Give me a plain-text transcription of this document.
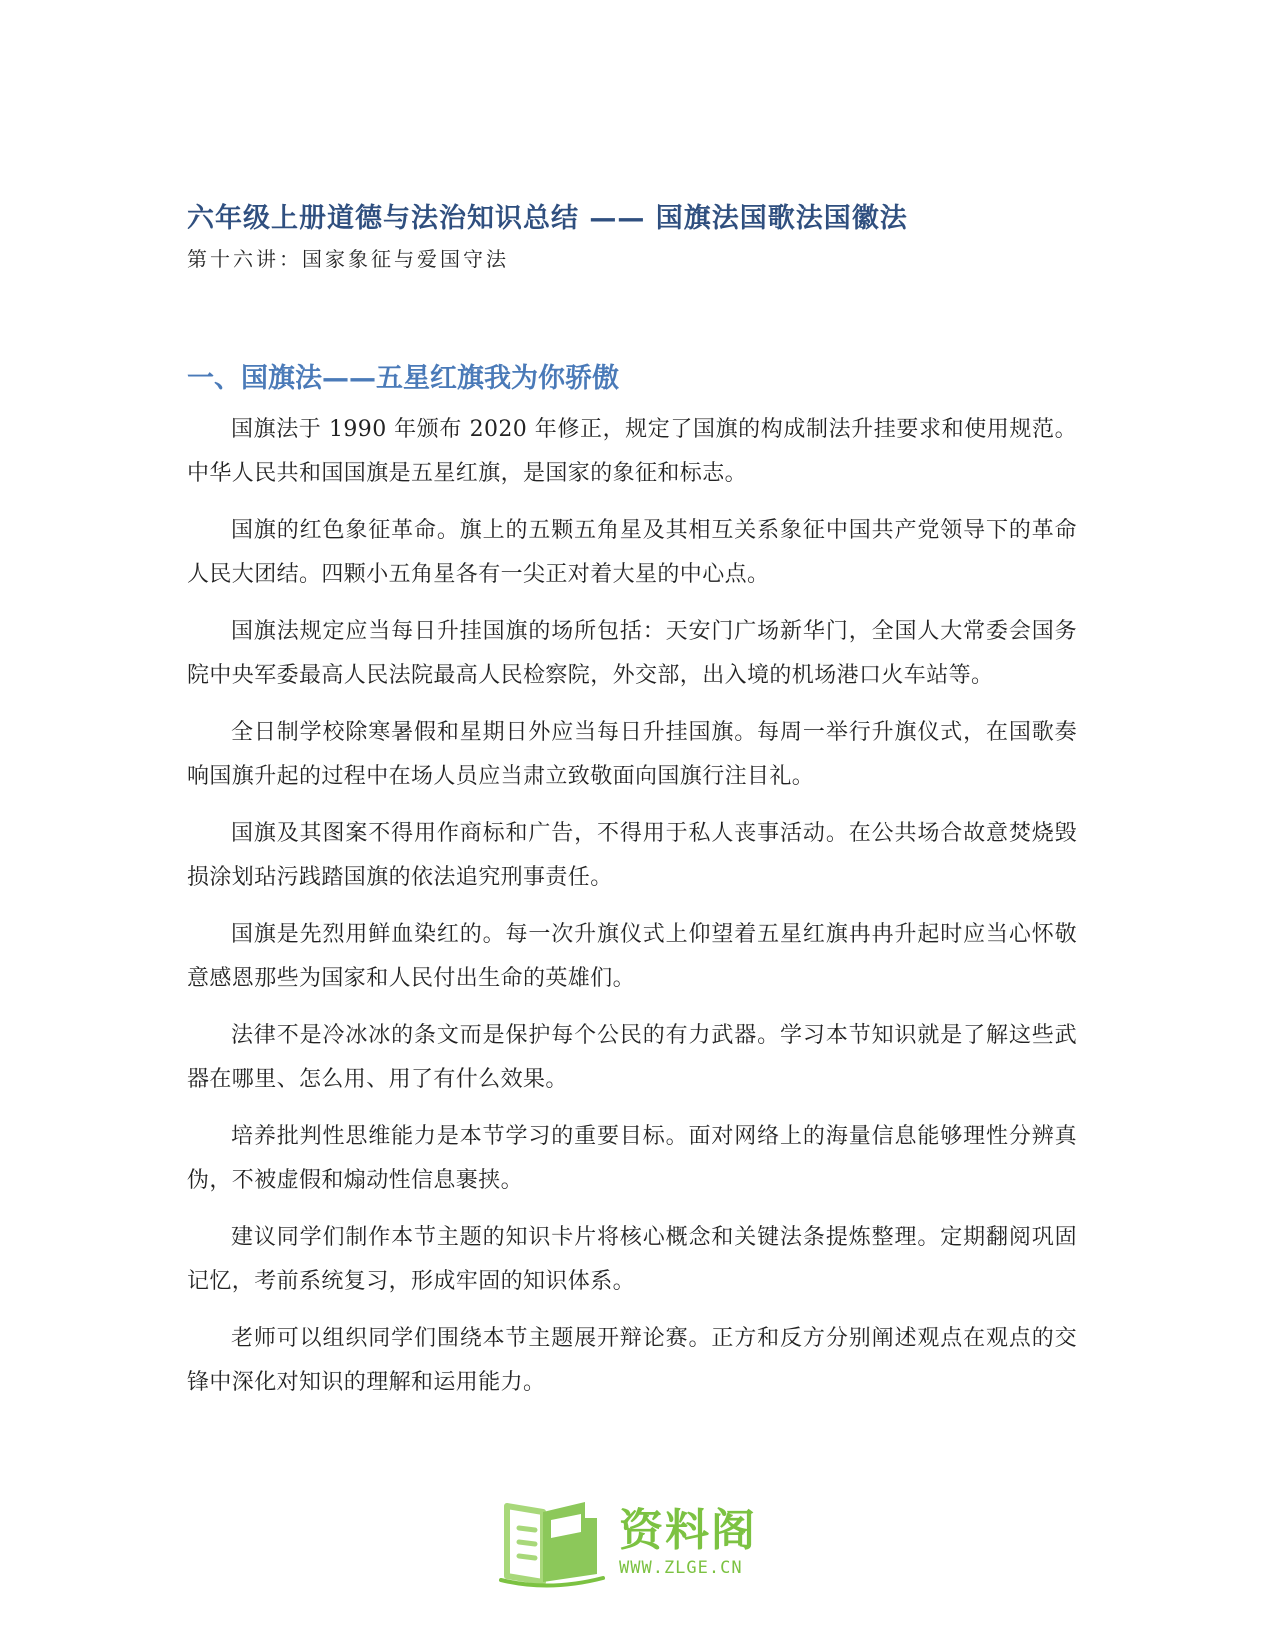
六年级上册道德与法治知识总结 —— 国旗法国歌法国徽法
第十六讲：国家象征与爱国守法
一、国旗法——五星红旗我为你骄傲

国旗法于 1990 年颁布 2020 年修正，规定了国旗的构成制法升挂要求和使用规范。中华人民共和国国旗是五星红旗，是国家的象征和标志。

国旗的红色象征革命。旗上的五颗五角星及其相互关系象征中国共产党领导下的革命人民大团结。四颗小五角星各有一尖正对着大星的中心点。

国旗法规定应当每日升挂国旗的场所包括：天安门广场新华门，全国人大常委会国务院中央军委最高人民法院最高人民检察院，外交部，出入境的机场港口火车站等。

全日制学校除寒暑假和星期日外应当每日升挂国旗。每周一举行升旗仪式，在国歌奏响国旗升起的过程中在场人员应当肃立致敬面向国旗行注目礼。

国旗及其图案不得用作商标和广告，不得用于私人丧事活动。在公共场合故意焚烧毁损涂划玷污践踏国旗的依法追究刑事责任。

国旗是先烈用鲜血染红的。每一次升旗仪式上仰望着五星红旗冉冉升起时应当心怀敬意感恩那些为国家和人民付出生命的英雄们。

法律不是冷冰冰的条文而是保护每个公民的有力武器。学习本节知识就是了解这些武器在哪里、怎么用、用了有什么效果。

培养批判性思维能力是本节学习的重要目标。面对网络上的海量信息能够理性分辨真伪，不被虚假和煽动性信息裹挟。

建议同学们制作本节主题的知识卡片将核心概念和关键法条提炼整理。定期翻阅巩固记忆，考前系统复习，形成牢固的知识体系。

老师可以组织同学们围绕本节主题展开辩论赛。正方和反方分别阐述观点在观点的交锋中深化对知识的理解和运用能力。

资料阁
WWW.ZLGE.CN
